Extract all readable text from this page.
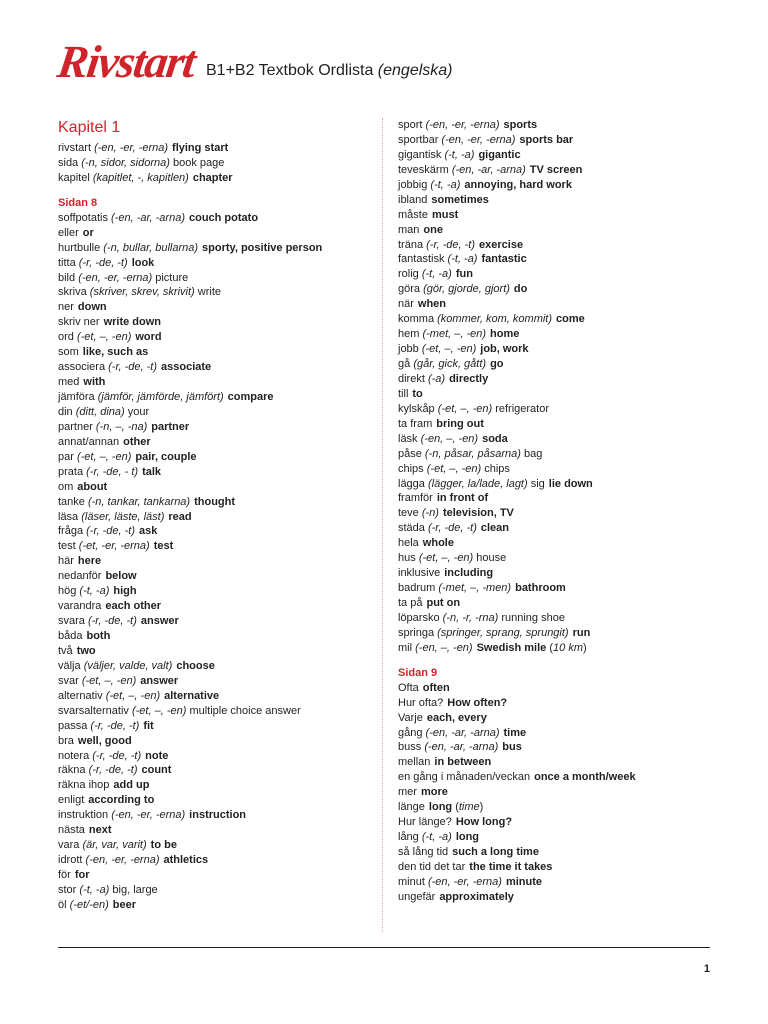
Rivstart B1+B2 Textbok Ordlista (engelska)
Kapitel 1
rivstart (-en, -er, -erna) flying start
sida (-n, sidor, sidorna) book page
kapitel (kapitlet, -, kapitlen) chapter
Sidan 8
soffpotatis (-en, -ar, -arna) couch potato
eller or
hurtbulle (-n, bullar, bullarna) sporty, positive person
titta (-r, -de, -t) look
bild (-en, -er, -erna) picture
skriva (skriver, skrev, skrivit) write
ner down
skriv ner write down
ord (-et, –, -en) word
som like, such as
associera (-r, -de, -t) associate
med with
jämföra (jämför, jämförde, jämfört) compare
din (ditt, dina) your
partner (-n, –, -na) partner
annat/annan other
par (-et, –, -en) pair, couple
prata (-r, -de, - t) talk
om about
tanke (-n, tankar, tankarna) thought
läsa (läser, läste, läst) read
fråga (-r, -de, -t) ask
test (-et, -er, -erna) test
här here
nedanför below
hög (-t, -a) high
varandra each other
svara (-r, -de, -t) answer
båda both
två two
välja (väljer, valde, valt) choose
svar (-et, –, -en) answer
alternativ (-et, –, -en) alternative
svarsalternativ (-et, –, -en) multiple choice answer
passa (-r, -de, -t) fit
bra well, good
notera (-r, -de, -t) note
räkna (-r, -de, -t) count
räkna ihop add up
enligt according to
instruktion (-en, -er, -erna) instruction
nästa next
vara (är, var, varit) to be
idrott (-en, -er, -erna) athletics
för for
stor (-t, -a) big, large
öl (-et/-en) beer
sport (-en, -er, -erna) sports
sportbar (-en, -er, -erna) sports bar
gigantisk (-t, -a) gigantic
teveskärm (-en, -ar, -arna) TV screen
jobbig (-t, -a) annoying, hard work
ibland sometimes
måste must
man one
träna (-r, -de, -t) exercise
fantastisk (-t, -a) fantastic
rolig (-t, -a) fun
göra (gör, gjorde, gjort) do
när when
komma (kommer, kom, kommit) come
hem (-met, –, -en) home
jobb (-et, –, -en) job, work
gå (går, gick, gått) go
direkt (-a) directly
till to
kylskåp (-et, –, -en) refrigerator
ta fram bring out
läsk (-en, –, -en) soda
påse (-n, påsar, påsarna) bag
chips (-et, –, -en) chips
lägga (lägger, la/lade, lagt) sig lie down
framför in front of
teve (-n) television, TV
städa (-r, -de, -t) clean
hela whole
hus (-et, –, -en) house
inklusive including
badrum (-met, –, -men) bathroom
ta på put on
löparsko (-n, -r, -rna) running shoe
springa (springer, sprang, sprungit) run
mil (-en, –, -en) Swedish mile (10 km)
Sidan 9
Ofta often
Hur ofta? How often?
Varje each, every
gång (-en, -ar, -arna) time
buss (-en, -ar, -arna) bus
mellan in between
en gång i månaden/veckan once a month/week
mer more
länge long (time)
Hur länge? How long?
lång (-t, -a) long
så lång tid such a long time
den tid det tar the time it takes
minut (-en, -er, -erna) minute
ungefär approximately
1
